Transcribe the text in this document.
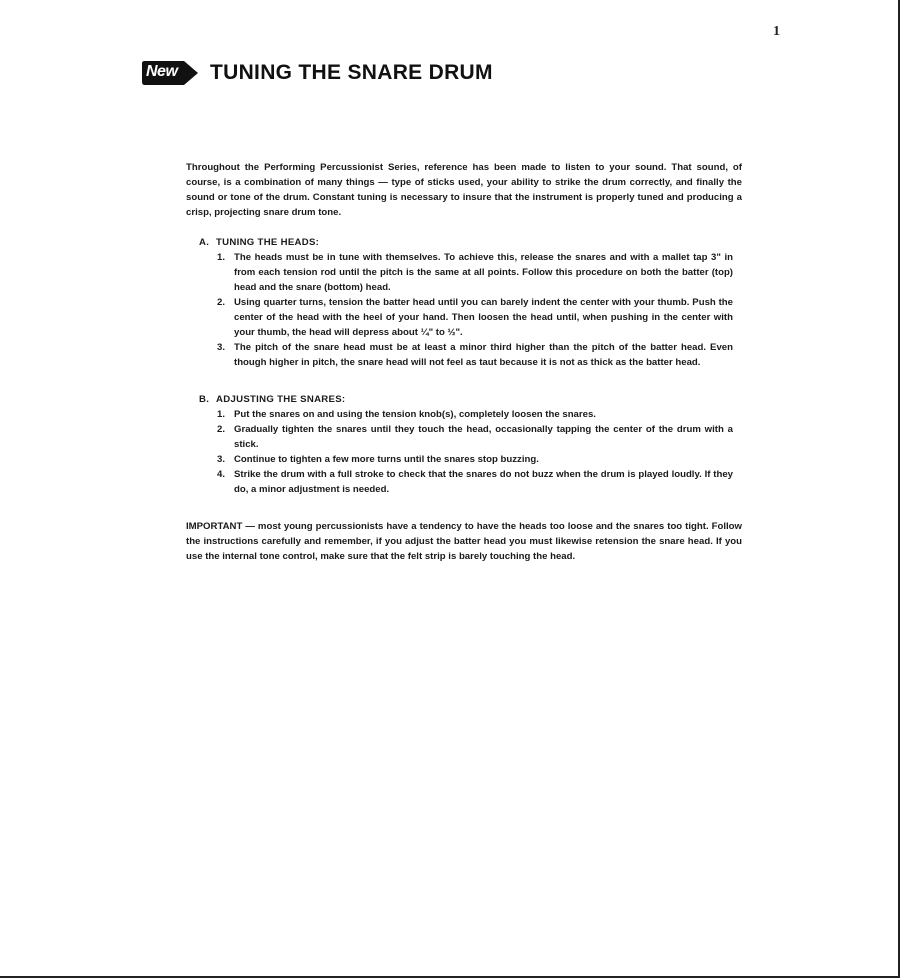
1
New TUNING THE SNARE DRUM

Throughout the Performing Percussionist Series, reference has been made to listen to your sound. That sound, of course, is a combination of many things — type of sticks used, your ability to strike the drum correctly, and finally the sound or tone of the drum. Constant tuning is necessary to insure that the instrument is properly tuned and producing a crisp, projecting snare drum tone.

A. TUNING THE HEADS:

1. The heads must be in tune with themselves. To achieve this, release the snares and with a mallet tap 3" in from each tension rod until the pitch is the same at all points. Follow this procedure on both the batter (top) head and the snare (bottom) head.
2. Using quarter turns, tension the batter head until you can barely indent the center with your thumb. Push the center of the head with the heel of your hand. Then loosen the head until, when pushing in the center with your thumb, the head will depress about ¼" to ½".
3. The pitch of the snare head must be at least a minor third higher than the pitch of the batter head. Even though higher in pitch, the snare head will not feel as taut because it is not as thick as the batter head.

B. ADJUSTING THE SNARES:

1. Put the snares on and using the tension knob(s), completely loosen the snares.
2. Gradually tighten the snares until they touch the head, occasionally tapping the center of the drum with a stick.
3. Continue to tighten a few more turns until the snares stop buzzing.
4. Strike the drum with a full stroke to check that the snares do not buzz when the drum is played loudly. If they do, a minor adjustment is needed.

IMPORTANT — most young percussionists have a tendency to have the heads too loose and the snares too tight. Follow the instructions carefully and remember, if you adjust the batter head you must likewise retension the snare head. If you use the internal tone control, make sure that the felt strip is barely touching the head.
